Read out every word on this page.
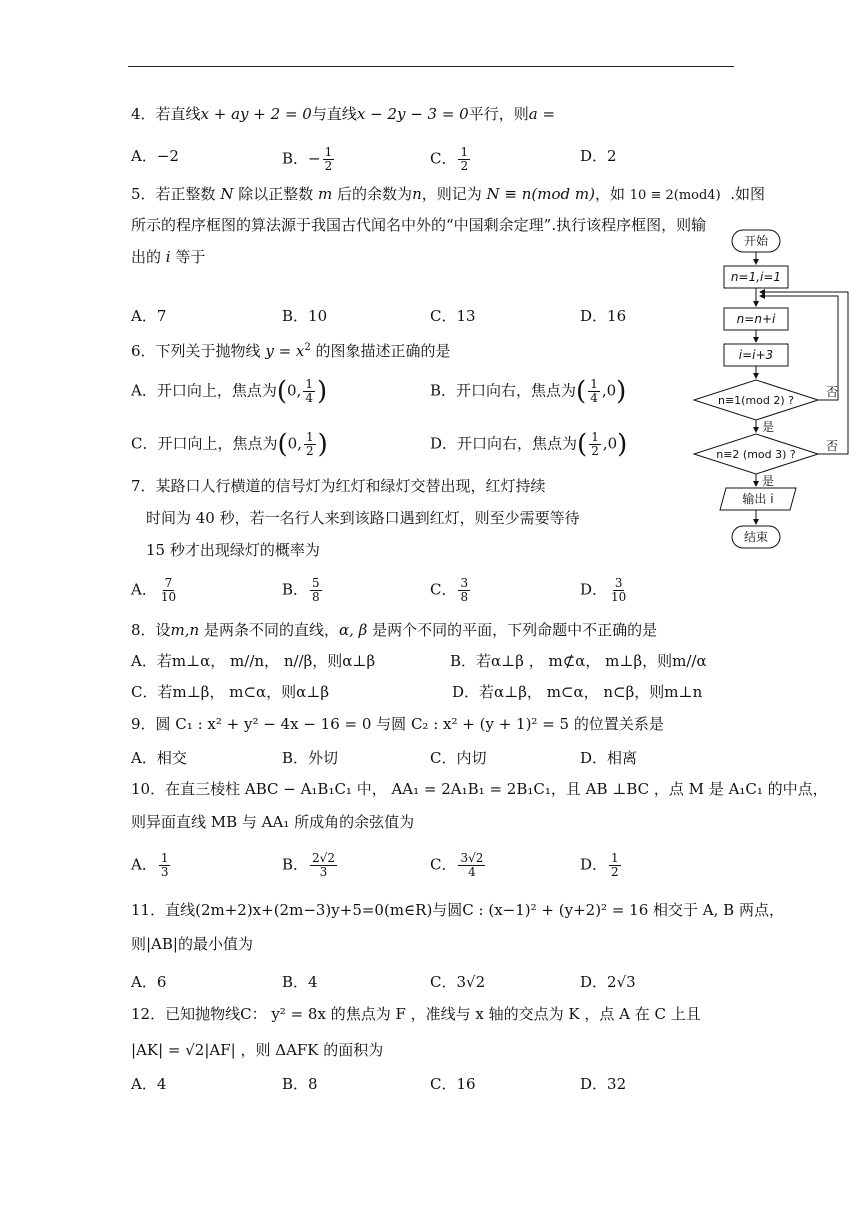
4．若直线x + ay + 2 = 0与直线x − 2y − 3 = 0平行，则a =
A．−2	B．− $\frac{1}{2}$	C． $\frac{1}{2}$	D．2
5．若正整数 N 除以正整数 m 后的余数为n，则记为 N ≡ n(mod m)，如 10 ≡ 2(mod4) .如图
所示的程序框图的算法源于我国古代闻名中外的“中国剩余定理”.执行该程序框图，则输
出的 i 等于
A．7	B．10	C．13	D．16
6．下列关于抛物线 $y = x^2$ 的图象描述正确的是
A．开口向上，焦点为(0, $\frac{1}{4}$ )	B．开口向右，焦点为( $\frac{1}{4} ,0$)
C．开口向上，焦点为(0, $\frac{1}{2}$ )	D．开口向右，焦点为( $\frac{1}{2} ,0$)
7．某路口人行横道的信号灯为红灯和绿灯交替出现，红灯持续
时间为 40 秒，若一名行人来到该路口遇到红灯，则至少需要等待
15 秒才出现绿灯的概率为
A． $\frac{7}{10}$	B． $\frac{5}{8}$	C． $\frac{3}{8}$	D． $\frac{3}{10}$
8．设m,n 是两条不同的直线，α, β 是两个不同的平面，下列命题中不正确的是
A．若m⊥α， m//n， n//β，则α⊥β	B．若α⊥β ， m⊄α， m⊥β，则m//α
C．若m⊥β， m⊂α，则α⊥β	D．若α⊥β， m⊂α， n⊂β，则m⊥n
9．圆 C₁ : x² + y² − 4x − 16 = 0 与圆 C₂ : x² + (y + 1)² = 5 的位置关系是
A．相交	B．外切	C．内切	D．相离
10．在直三棱柱 ABC − A₁B₁C₁ 中， AA₁ = 2A₁B₁ = 2B₁C₁，且 AB ⊥BC ，点 M 是 A₁C₁ 的中点，
则异面直线 MB 与 AA₁ 所成角的余弦值为
A． $\frac{1}{3}$	B． $\frac{2√2}{3}$	C． $\frac{3√2}{4}$	D． $\frac{1}{2}$
11．直线(2m+2)x+(2m−3)y+5=0(m∈R)与圆C : (x−1)² + (y+2)² = 16 相交于 A, B 两点，
则|AB|的最小值为
A．6	B．4	C．3√2	D．2√3
12．已知抛物线C： y² = 8x 的焦点为 F ，准线与 x 轴的交点为 K ，点 A 在 C 上且
|AK| = √2|AF| ，则 ΔAFK 的面积为
A．4	B．8	C．16	D．32
开始
n=1,i=1
n=n+i
i=i+3
n≡1(mod 2) ?
n≡2 (mod 3) ?
否
否
是
是
输出 i
结束
